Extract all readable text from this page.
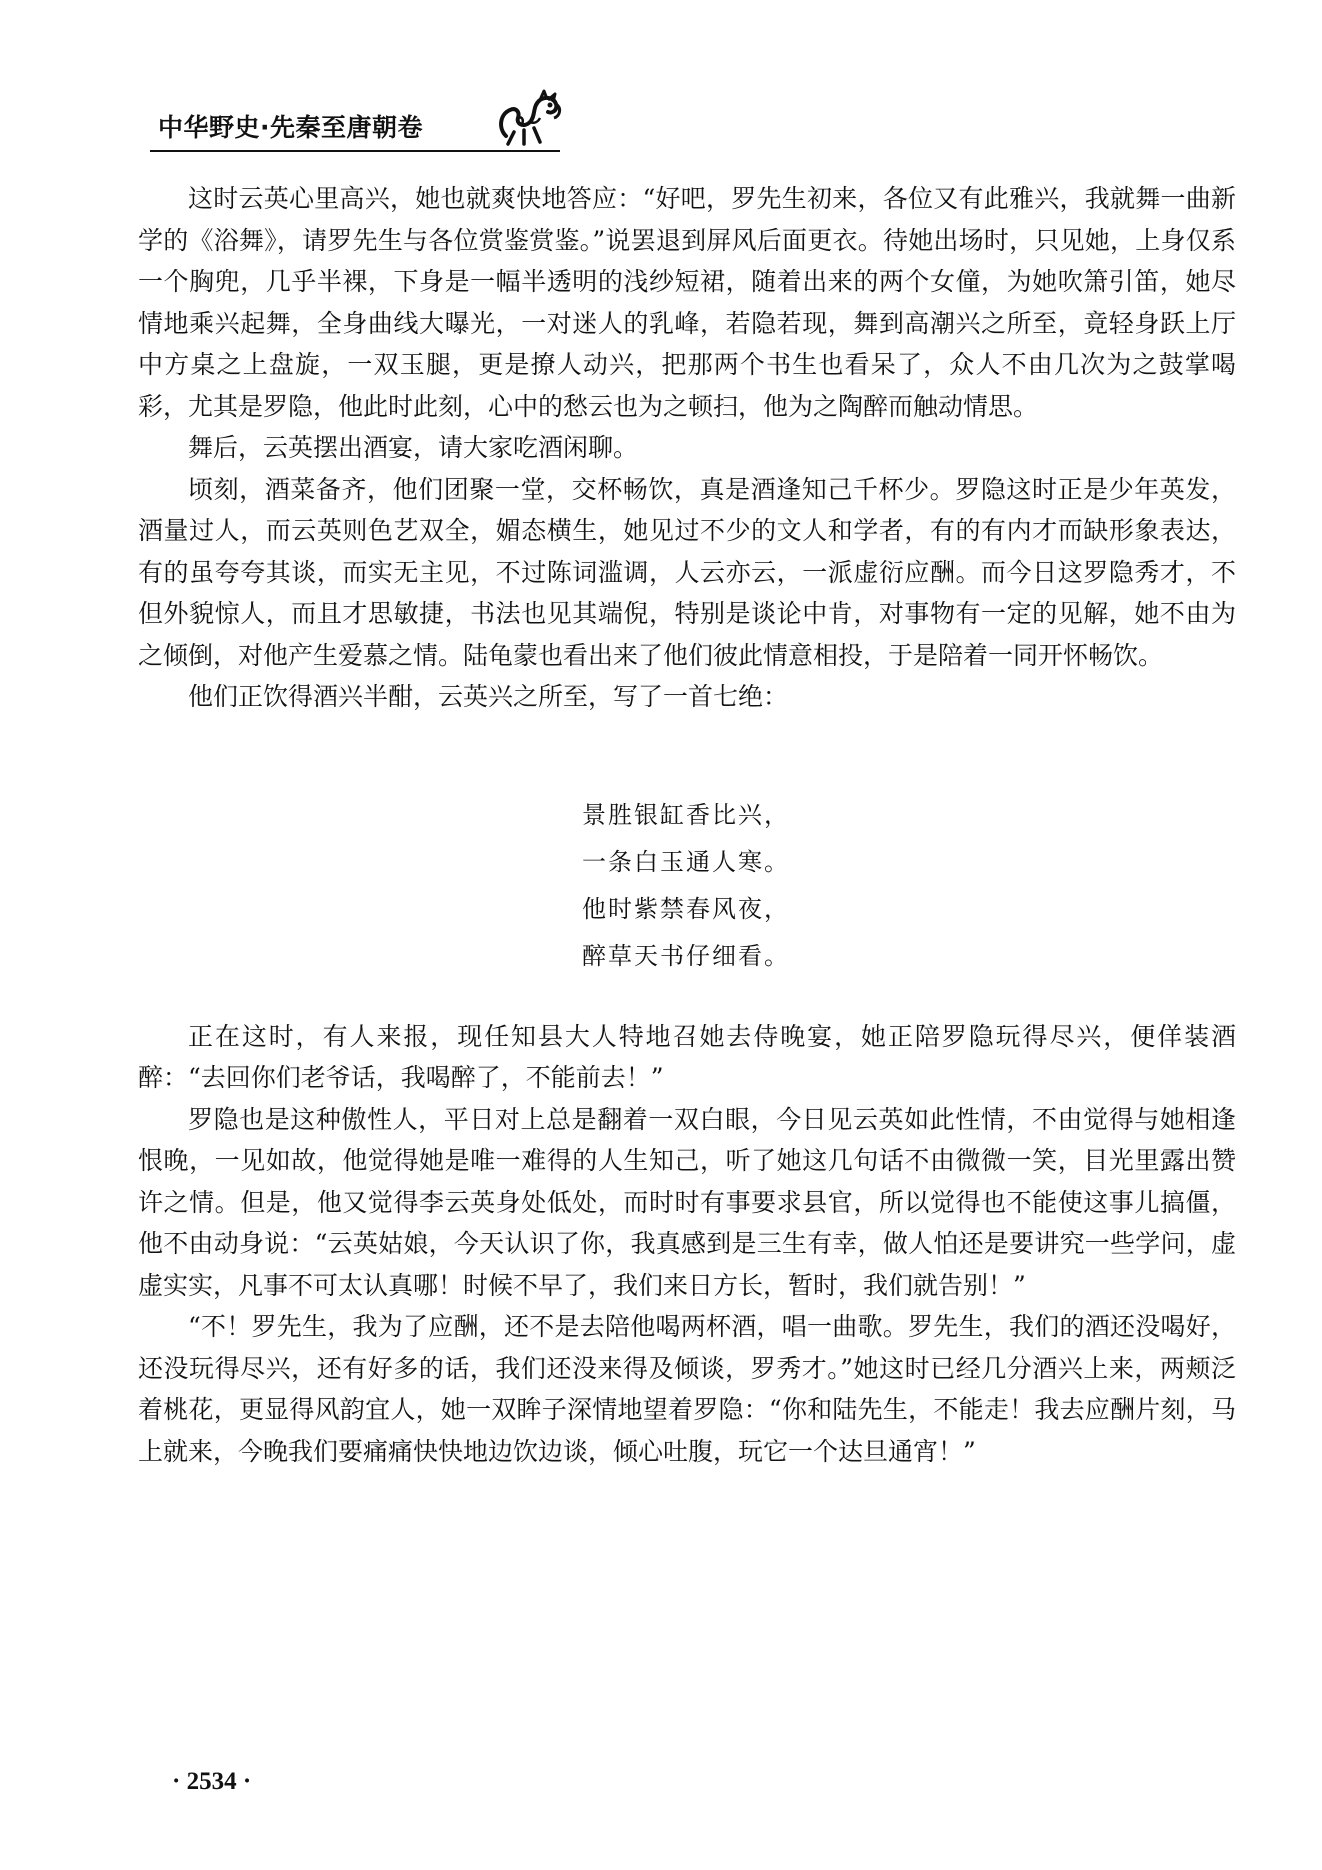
中华野史·先秦至唐朝卷

这时云英心里高兴，她也就爽快地答应：“好吧，罗先生初来，各位又有此雅兴，我就舞一曲新学的《浴舞》，请罗先生与各位赏鉴赏鉴。”说罢退到屏风后面更衣。待她出场时，只见她，上身仅系一个胸兜，几乎半裸，下身是一幅半透明的浅纱短裙，随着出来的两个女僮，为她吹箫引笛，她尽情地乘兴起舞，全身曲线大曝光，一对迷人的乳峰，若隐若现，舞到高潮兴之所至，竟轻身跃上厅中方桌之上盘旋，一双玉腿，更是撩人动兴，把那两个书生也看呆了，众人不由几次为之鼓掌喝彩，尤其是罗隐，他此时此刻，心中的愁云也为之顿扫，他为之陶醉而触动情思。

舞后，云英摆出酒宴，请大家吃酒闲聊。

顷刻，酒菜备齐，他们团聚一堂，交杯畅饮，真是酒逢知己千杯少。罗隐这时正是少年英发，酒量过人，而云英则色艺双全，媚态横生，她见过不少的文人和学者，有的有内才而缺形象表达，有的虽夸夸其谈，而实无主见，不过陈词滥调，人云亦云，一派虚衍应酬。而今日这罗隐秀才，不但外貌惊人，而且才思敏捷，书法也见其端倪，特别是谈论中肯，对事物有一定的见解，她不由为之倾倒，对他产生爱慕之情。陆龟蒙也看出来了他们彼此情意相投，于是陪着一同开怀畅饮。

他们正饮得酒兴半酣，云英兴之所至，写了一首七绝：

景胜银缸香比兴，
一条白玉通人寒。
他时紫禁春风夜，
醉草天书仔细看。

正在这时，有人来报，现任知县大人特地召她去侍晚宴，她正陪罗隐玩得尽兴，便佯装酒醉：“去回你们老爷话，我喝醉了，不能前去！”

罗隐也是这种傲性人，平日对上总是翻着一双白眼，今日见云英如此性情，不由觉得与她相逢恨晚，一见如故，他觉得她是唯一难得的人生知己，听了她这几句话不由微微一笑，目光里露出赞许之情。但是，他又觉得李云英身处低处，而时时有事要求县官，所以觉得也不能使这事儿搞僵，他不由动身说：“云英姑娘，今天认识了你，我真感到是三生有幸，做人怕还是要讲究一些学问，虚虚实实，凡事不可太认真哪！时候不早了，我们来日方长，暂时，我们就告别！”

“不！罗先生，我为了应酬，还不是去陪他喝两杯酒，唱一曲歌。罗先生，我们的酒还没喝好，还没玩得尽兴，还有好多的话，我们还没来得及倾谈，罗秀才。”她这时已经几分酒兴上来，两颊泛着桃花，更显得风韵宜人，她一双眸子深情地望着罗隐：“你和陆先生，不能走！我去应酬片刻，马上就来，今晚我们要痛痛快快地边饮边谈，倾心吐腹，玩它一个达旦通宵！”

· 2534 ·
